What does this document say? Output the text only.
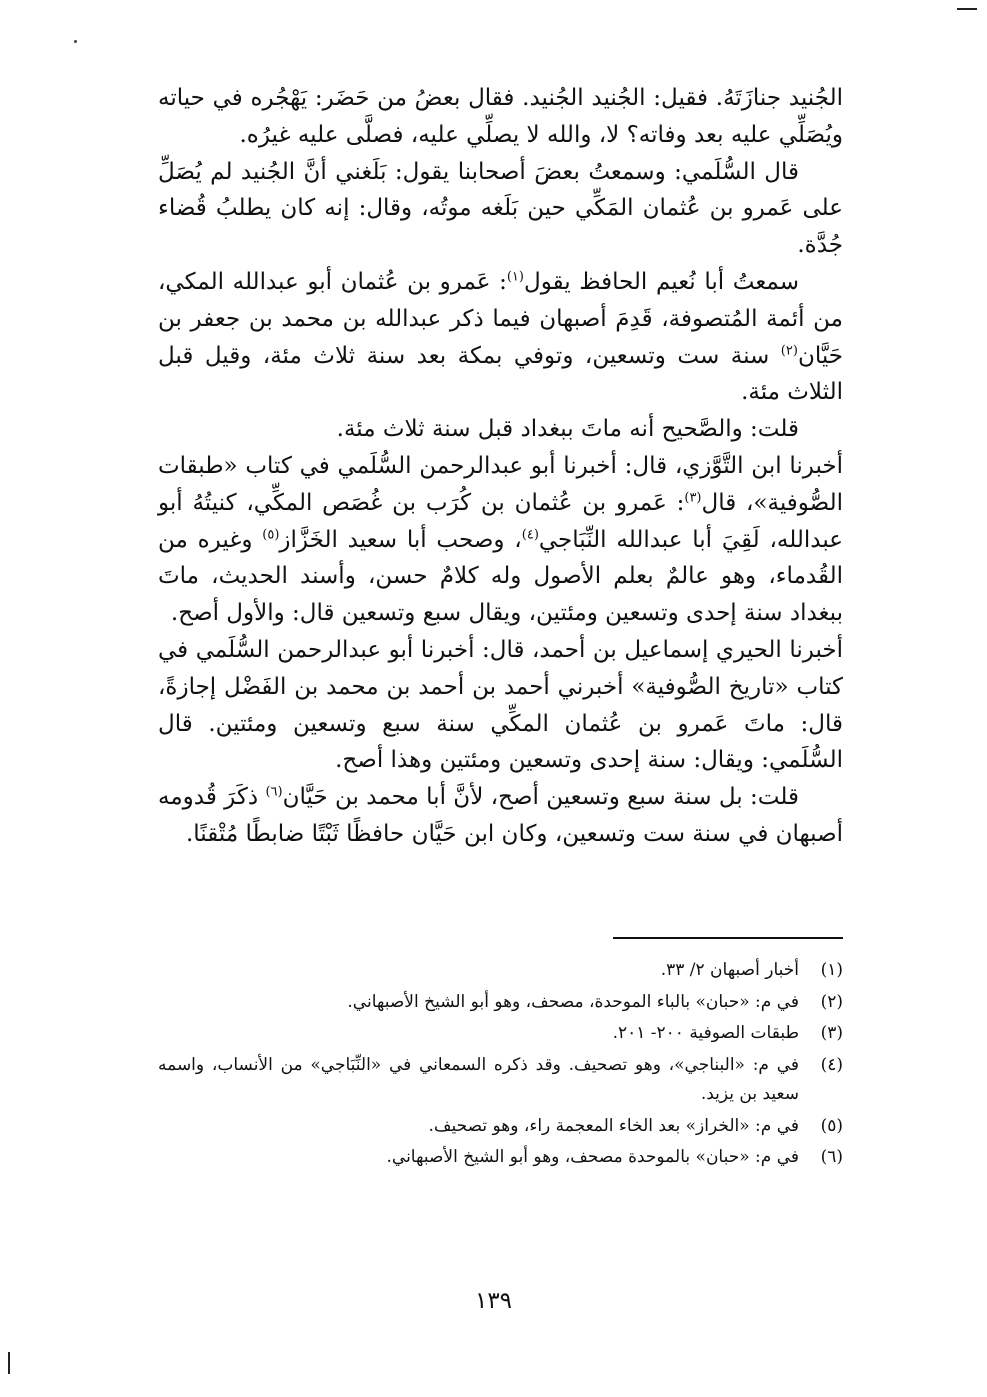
الجُنيد جنازَتَهُ. فقيل: الجُنيد الجُنيد. فقال بعضُ من حَضَر: يَهْجُره في حياته ويُصَلِّي عليه بعد وفاته؟ لا، والله لا يصلِّي عليه، فصلَّى عليه غيرُه.

قال السُّلَمي: وسمعتُ بعضَ أصحابنا يقول: بَلَغني أنَّ الجُنيد لم يُصَلِّ على عَمرو بن عُثمان المَكِّي حين بَلَغه موتُه، وقال: إنه كان يطلبُ قُضاء جُدَّة.

سمعتُ أبا نُعيم الحافظ يقول$^{(١)}$: عَمرو بن عُثمان أبو عبدالله المكي، من أئمة المُتصوفة، قَدِمَ أصبهان فيما ذكر عبدالله بن محمد بن جعفر بن حَيَّان$^{(٢)}$ سنة ست وتسعين، وتوفي بمكة بعد سنة ثلاث مئة، وقيل قبل الثلاث مئة.

قلت: والصَّحيح أنه ماتَ ببغداد قبل سنة ثلاث مئة.

أخبرنا ابن التَّوَّزي، قال: أخبرنا أبو عبدالرحمن السُّلَمي في كتاب «طبقات الصُّوفية»، قال$^{(٣)}$: عَمرو بن عُثمان بن كُرَب بن غُصَص المكِّي، كنيتُهُ أبو عبدالله، لَقِيَ أبا عبدالله النِّبَاجي$^{(٤)}$، وصحب أبا سعيد الخَزَّاز$^{(٥)}$ وغيره من القُدماء، وهو عالمٌ بعلم الأصول وله كلامٌ حسن، وأسند الحديث، ماتَ ببغداد سنة إحدى وتسعين ومئتين، ويقال سبع وتسعين قال: والأول أصح.

أخبرنا الحيري إسماعيل بن أحمد، قال: أخبرنا أبو عبدالرحمن السُّلَمي في كتاب «تاريخ الصُّوفية» أخبرني أحمد بن أحمد بن محمد بن الفَضْل إجازةً، قال: ماتَ عَمرو بن عُثمان المكِّي سنة سبع وتسعين ومئتين. قال السُّلَمي: ويقال: سنة إحدى وتسعين ومئتين وهذا أصح.

قلت: بل سنة سبع وتسعين أصح، لأنَّ أبا محمد بن حَيَّان$^{(٦)}$ ذكَرَ قُدومه أصبهان في سنة ست وتسعين، وكان ابن حَيَّان حافظًا ثَبْتًا ضابطًا مُتْقنًا.

(١)
أخبار أصبهان ٢/ ٣٣.
(٢)
في م: «حبان» بالباء الموحدة، مصحف، وهو أبو الشيخ الأصبهاني.
(٣)
طبقات الصوفية ٢٠٠- ٢٠١.
(٤)
في م: «البناجي»، وهو تصحيف. وقد ذكره السمعاني في «النِّبَاجي» من الأنساب، واسمه سعيد بن يزيد.
(٥)
في م: «الخراز» بعد الخاء المعجمة راء، وهو تصحيف.
(٦)
في م: «حبان» بالموحدة مصحف، وهو أبو الشيخ الأصبهاني.
١٣٩
